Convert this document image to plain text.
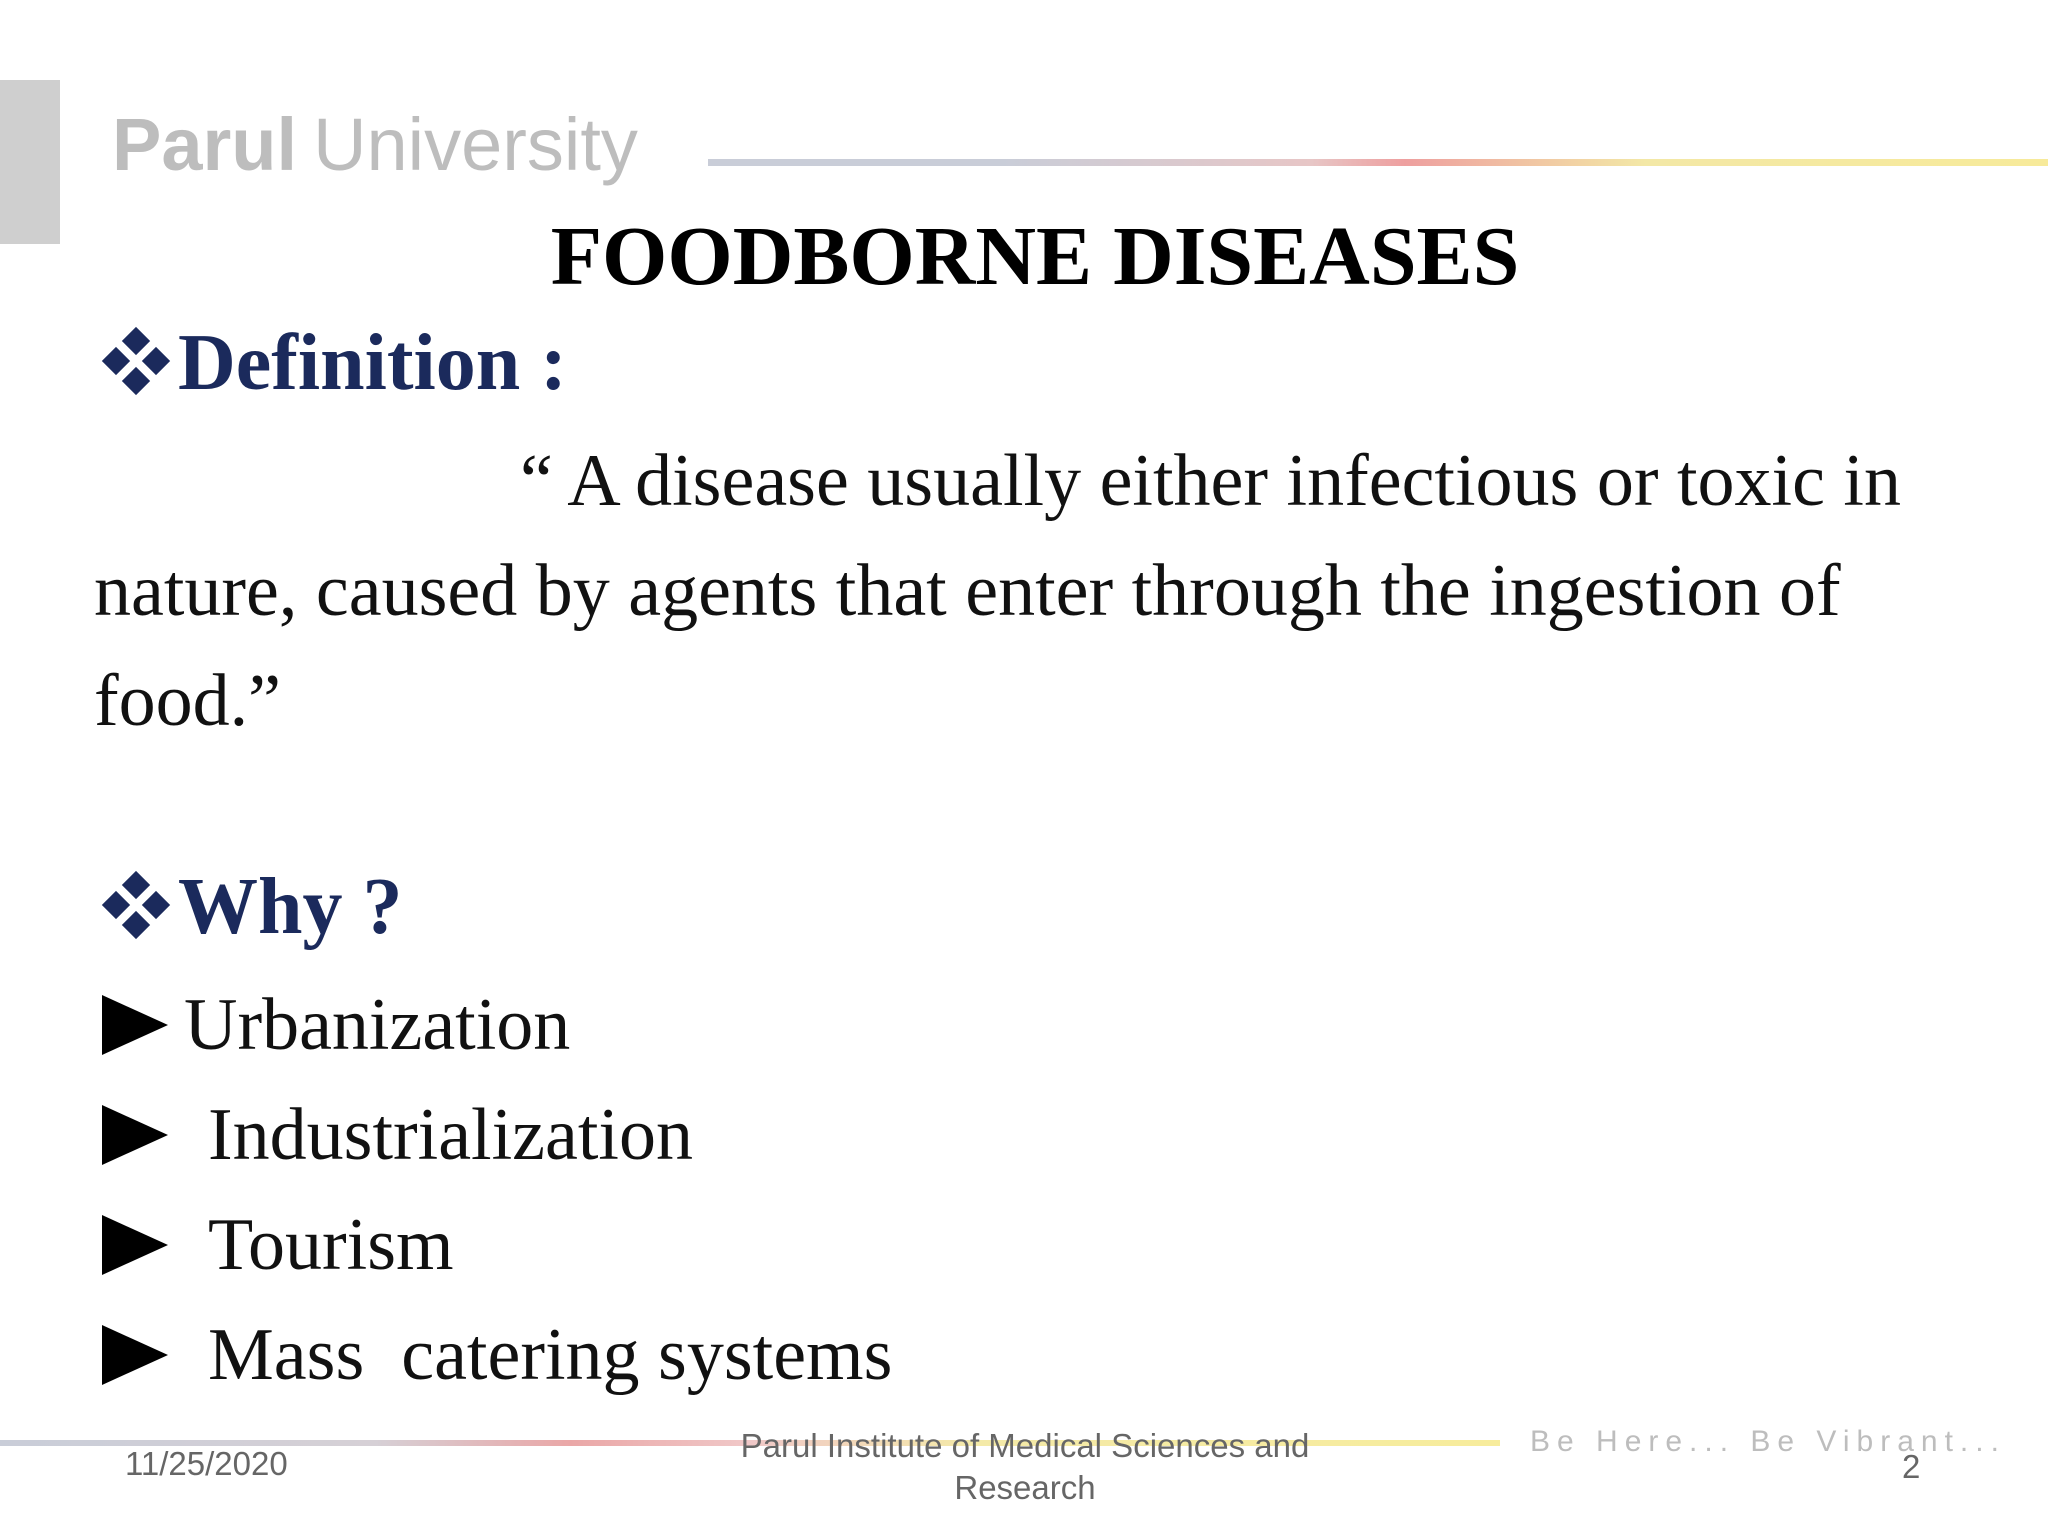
Parul University
FOODBORNE DISEASES
Definition :
“ A disease usually either infectious or toxic in nature, caused by agents that enter through the ingestion of food.”
Why ?
Urbanization
Industrialization
Tourism
Mass  catering systems
11/25/2020	Parul Institute of Medical Sciences and Research
Be Here... Be Vibrant...
2
